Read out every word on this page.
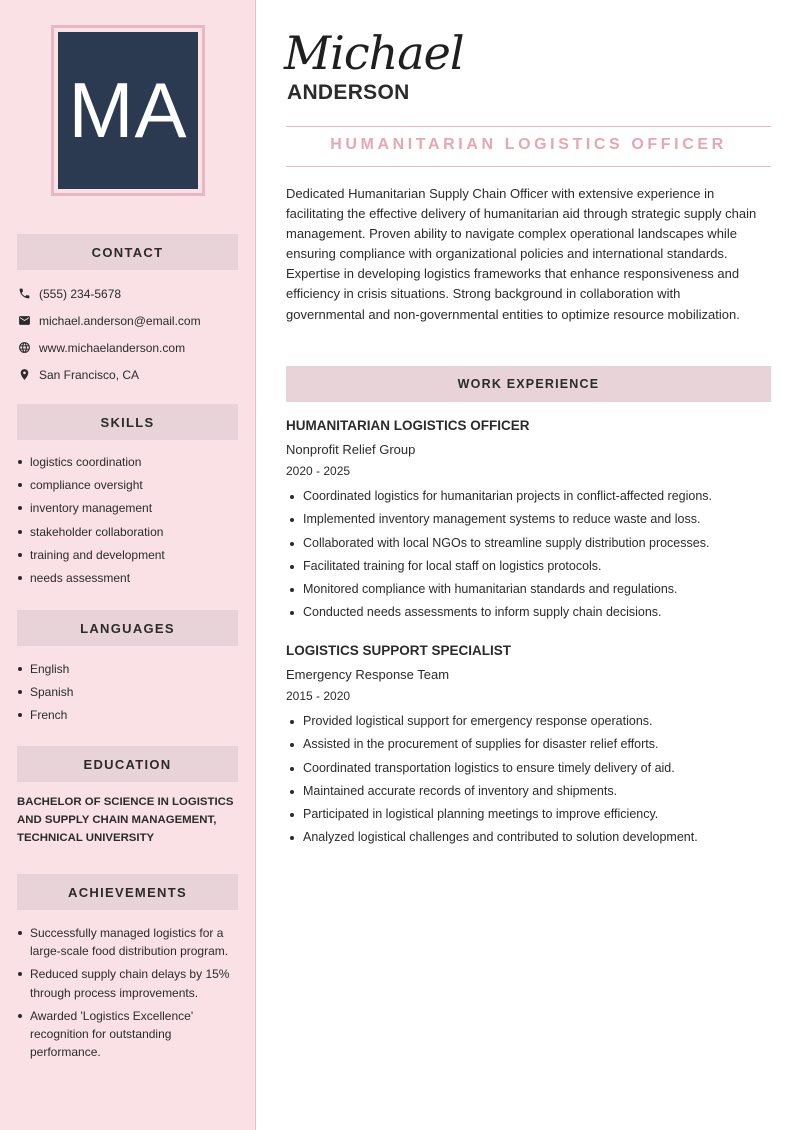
MA
CONTACT
(555) 234-5678
michael.anderson@email.com
www.michaelanderson.com
San Francisco, CA
SKILLS
logistics coordination
compliance oversight
inventory management
stakeholder collaboration
training and development
needs assessment
LANGUAGES
English
Spanish
French
EDUCATION
BACHELOR OF SCIENCE IN LOGISTICS AND SUPPLY CHAIN MANAGEMENT, TECHNICAL UNIVERSITY
ACHIEVEMENTS
Successfully managed logistics for a large-scale food distribution program.
Reduced supply chain delays by 15% through process improvements.
Awarded 'Logistics Excellence' recognition for outstanding performance.
Michael
ANDERSON
HUMANITARIAN LOGISTICS OFFICER

Dedicated Humanitarian Supply Chain Officer with extensive experience in facilitating the effective delivery of humanitarian aid through strategic supply chain management. Proven ability to navigate complex operational landscapes while ensuring compliance with organizational policies and international standards. Expertise in developing logistics frameworks that enhance responsiveness and efficiency in crisis situations. Strong background in collaboration with governmental and non-governmental entities to optimize resource mobilization.

WORK EXPERIENCE
HUMANITARIAN LOGISTICS OFFICER
Nonprofit Relief Group
2020 - 2025
Coordinated logistics for humanitarian projects in conflict-affected regions.
Implemented inventory management systems to reduce waste and loss.
Collaborated with local NGOs to streamline supply distribution processes.
Facilitated training for local staff on logistics protocols.
Monitored compliance with humanitarian standards and regulations.
Conducted needs assessments to inform supply chain decisions.
LOGISTICS SUPPORT SPECIALIST
Emergency Response Team
2015 - 2020
Provided logistical support for emergency response operations.
Assisted in the procurement of supplies for disaster relief efforts.
Coordinated transportation logistics to ensure timely delivery of aid.
Maintained accurate records of inventory and shipments.
Participated in logistical planning meetings to improve efficiency.
Analyzed logistical challenges and contributed to solution development.
